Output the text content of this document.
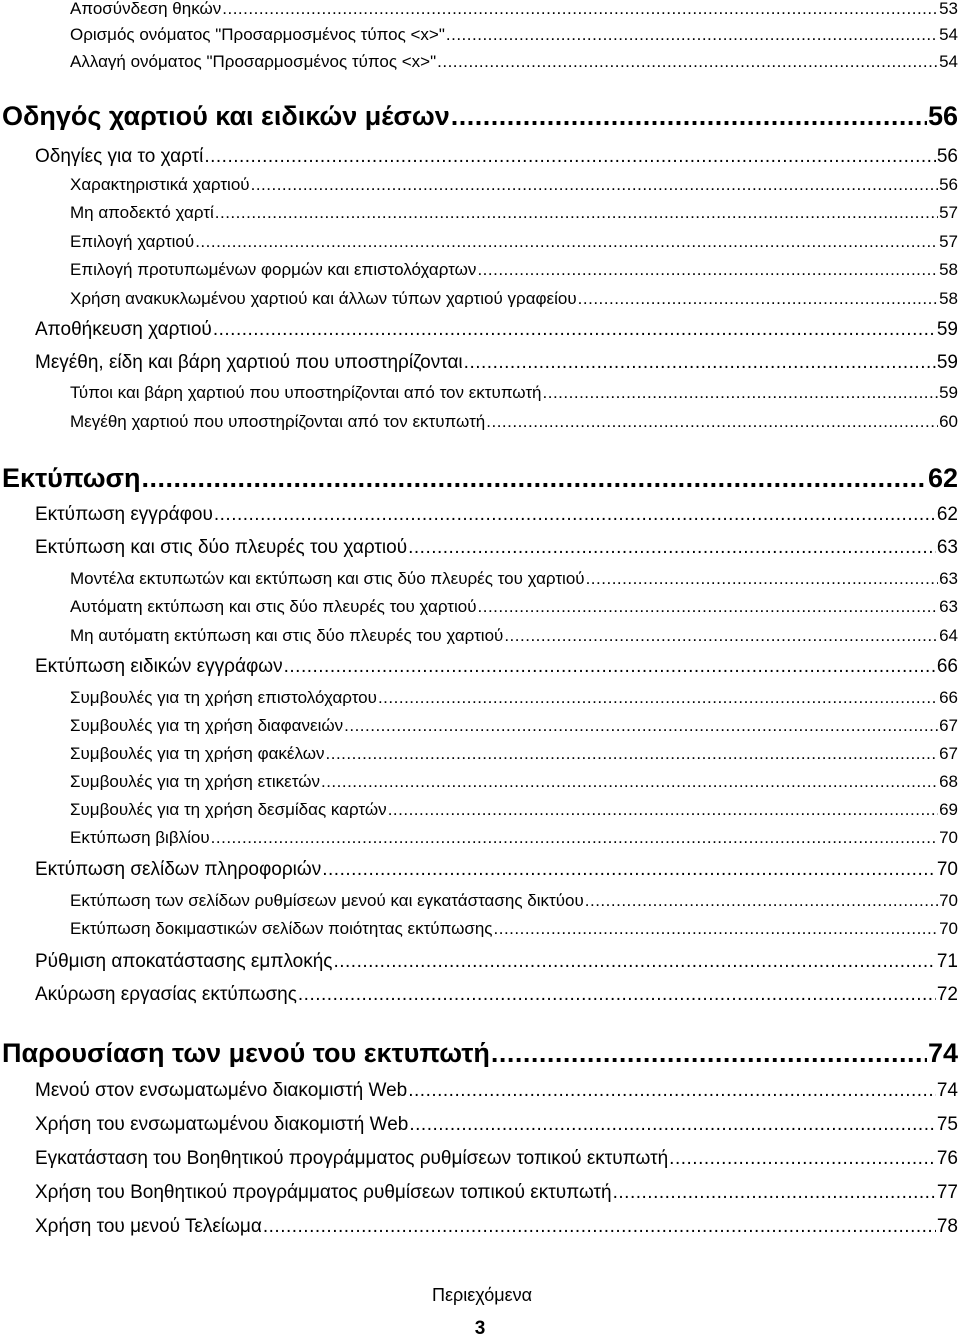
Αποσύνδεση θηκών .....	53
Ορισμός ονόματος "Προσαρμοσμένος τύπος <x>" .....	54
Αλλαγή ονόματος "Προσαρμοσμένος τύπος <x>" .....	54
Οδηγός χαρτιού και ειδικών μέσων .....	56
Οδηγίες για το χαρτί .....	56
Χαρακτηριστικά χαρτιού .....	56
Μη αποδεκτό χαρτί .....	57
Επιλογή χαρτιού .....	57
Επιλογή προτυπωμένων φορμών και επιστολόχαρτων .....	58
Χρήση ανακυκλωμένου χαρτιού και άλλων τύπων χαρτιού γραφείου .....	58
Αποθήκευση χαρτιού .....	59
Μεγέθη, είδη και βάρη χαρτιού που υποστηρίζονται .....	59
Τύποι και βάρη χαρτιού που υποστηρίζονται από τον εκτυπωτή .....	59
Μεγέθη χαρτιού που υποστηρίζονται από τον εκτυπωτή .....	60
Εκτύπωση .....	62
Εκτύπωση εγγράφου .....	62
Εκτύπωση και στις δύο πλευρές του χαρτιού .....	63
Μοντέλα εκτυπωτών και εκτύπωση και στις δύο πλευρές του χαρτιού .....	63
Αυτόματη εκτύπωση και στις δύο πλευρές του χαρτιού .....	63
Μη αυτόματη εκτύπωση και στις δύο πλευρές του χαρτιού .....	64
Εκτύπωση ειδικών εγγράφων .....	66
Συμβουλές για τη χρήση επιστολόχαρτου .....	66
Συμβουλές για τη χρήση διαφανειών .....	67
Συμβουλές για τη χρήση φακέλων .....	67
Συμβουλές για τη χρήση ετικετών .....	68
Συμβουλές για τη χρήση δεσμίδας καρτών .....	69
Εκτύπωση βιβλίου .....	70
Εκτύπωση σελίδων πληροφοριών .....	70
Εκτύπωση των σελίδων ρυθμίσεων μενού και εγκατάστασης δικτύου .....	70
Εκτύπωση δοκιμαστικών σελίδων ποιότητας εκτύπωσης .....	70
Ρύθμιση αποκατάστασης εμπλοκής .....	71
Ακύρωση εργασίας εκτύπωσης .....	72
Παρουσίαση των μενού του εκτυπωτή .....	74
Μενού στον ενσωματωμένο διακομιστή Web .....	74
Χρήση του ενσωματωμένου διακομιστή Web .....	75
Εγκατάσταση του Βοηθητικού προγράμματος ρυθμίσεων τοπικού εκτυπωτή .....	76
Χρήση του Βοηθητικού προγράμματος ρυθμίσεων τοπικού εκτυπωτή .....	77
Χρήση του μενού Τελείωμα .....	78
Περιεχόμενα
3
